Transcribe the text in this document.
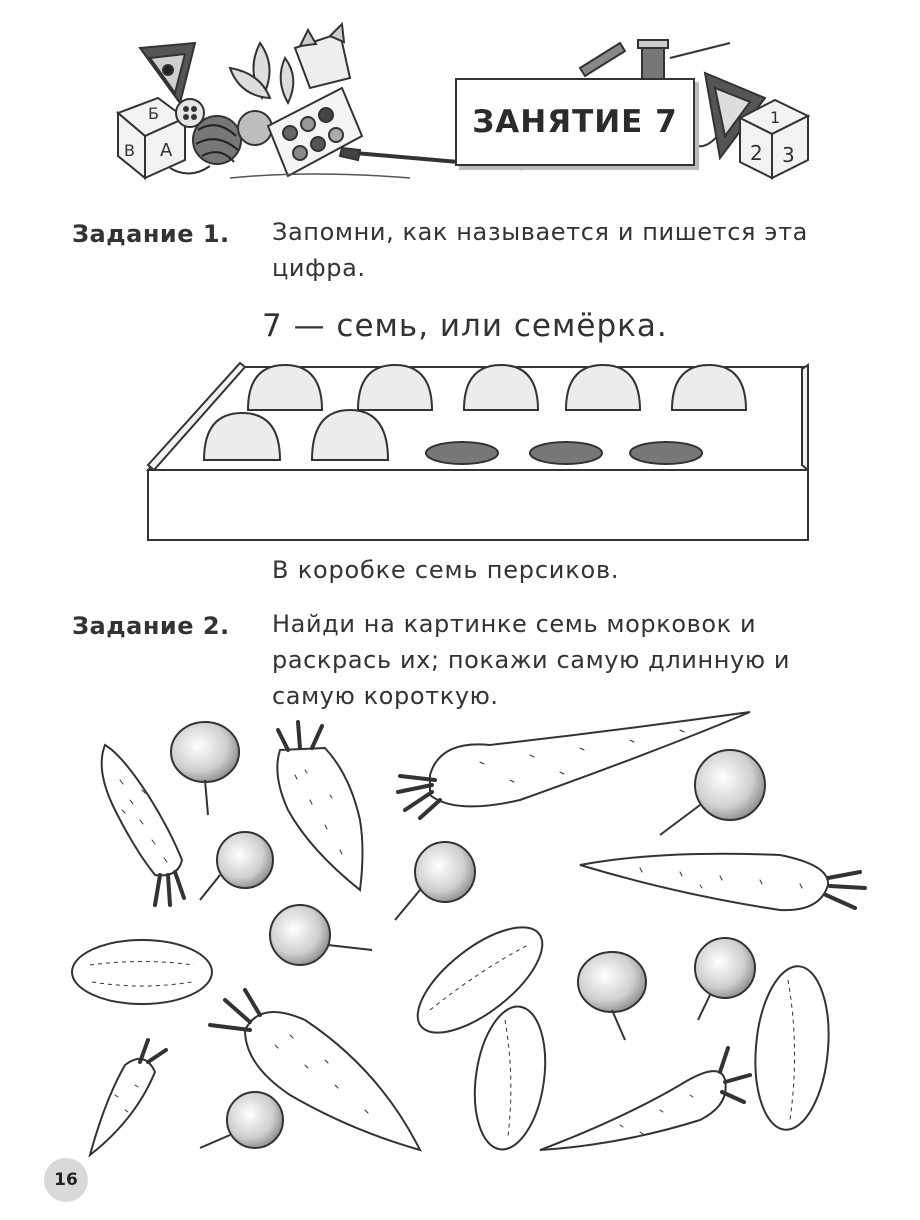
Б
А
В
1
2 3
ЗАНЯТИЕ 7
Задание 1. Запомни, как называется и пишется эта
цифра.
7 — семь, или семёрка.
В коробке семь персиков.
Задание 2. Найди на картинке семь морковок и
раскрась их; покажи самую длинную и
самую короткую.
16
